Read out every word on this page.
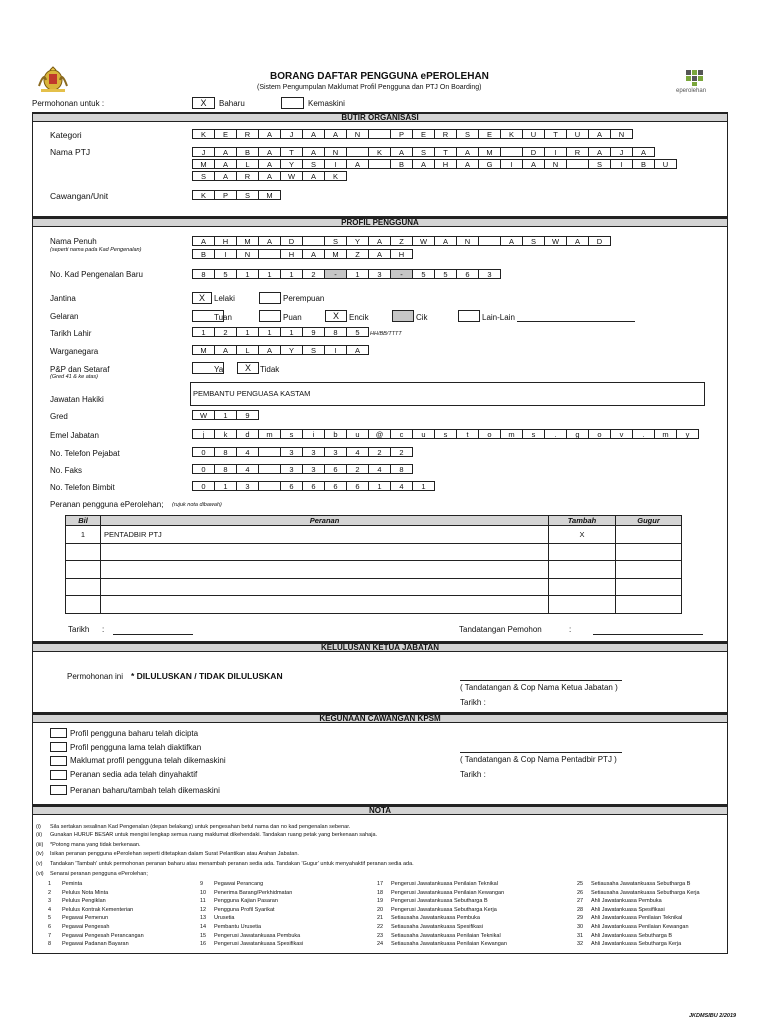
BORANG DAFTAR PENGGUNA ePEROLEHAN
(Sistem Pengumpulan Maklumat Profil Pengguna dan PTJ On Boarding)	eperolehan
Permohonan untuk :	X	Baharu	Kemaskini
BUTIR ORGANISASI
Kategori	K	E	R	A	J	A	A	N	P	E	R	S	E	K	U	T	U	A	N
Nama PTJ	J	A	B	A	T	A	N	K	A	S	T	A	M	D	I	R	A	J	A
M	A	L	A	Y	S	I	A	B	A	H	A	G	I	A	N	S	I	B	U
S	A	R	A	W	A	K
Cawangan/Unit	K	P	S	M
PROFIL PENGGUNA
Nama Penuh
(seperti nama pada Kad Pengenalan)
A	H	M	A	D	S	Y	A	Z	W	A	N	A	S	W	A	D
B	I	N	H	A	M	Z	A	H
No. Kad Pengenalan Baru	8	5	1	1	1	2	-	1	3	-	5	5	6	3
Jantina	X	Lelaki	Perempuan
Gelaran	Tuan	Puan	X	Encik	Cik	Lain-Lain
Tarikh Lahir	1	2	1	1	1	9	8	5	HH/BB/TTTT
Warganegara	M	A	L	A	Y	S	I	A
P&P dan Setaraf
(Gred 41 & ke atas)
Ya	X	Tidak
Jawatan Hakiki
PEMBANTU PENGUASA KASTAM
Gred	W	1	9
Emel Jabatan	j	k	d	m	s	i	b	u	@	c	u	s	t	o	m	s	.	g	o	v	.	m	y
No. Telefon Pejabat	0	8	4	3	3	3	4	2	2
No. Faks	0	8	4	3	3	6	2	4	8
No. Telefon Bimbit	0	1	3	6	6	6	6	1	4	1
Peranan pengguna ePerolehan; (rujuk nota dibawah)
Bil	Peranan	Tambah	Gugur
1	PENTADBIR PTJ	X	

Tarikh :	Tandatangan Pemohon	:
KELULUSAN KETUA JABATAN
Permohonan ini * DILULUSKAN / TIDAK DILULUSKAN
( Tandatangan & Cop Nama Ketua Jabatan )
Tarikh :
KEGUNAAN CAWANGAN KPSM
Profil pengguna baharu telah dicipta
Profil pengguna lama telah diaktifkan
Maklumat profil pengguna telah dikemaskini
Peranan sedia ada telah dinyahaktif
Peranan baharu/tambah telah dikemaskini
( Tandatangan & Cop Nama Pentadbir PTJ )
Tarikh :
NOTA
(i) Sila sertakan sesalinan Kad Pengenalan (depan belakang) untuk pengesahan betul nama dan no kad pengenalan sebenar.
(ii) Gunakan HURUF BESAR untuk mengisi lengkap semua ruang maklumat dikehendaki. Tandakan ruang petak yang berkenaan sahaja.
(iii) *Potong mana yang tidak berkenaan.
(iv) Isikan peranan pengguna ePerolehan seperti ditetapkan dalam Surat Pelantikan atau Arahan Jabatan.
(v) Tandakan 'Tambah' untuk permohonan peranan baharu atau menambah peranan sedia ada. Tandakan 'Gugur' untuk menyahaktif peranan sedia ada.
(vi) Senarai peranan pengguna ePerolehan;
1 Peminta
2 Pelulus Nota Minta
3 Pelulus Pengiklan
4 Pelulus Kontrak Kementerian
5 Pegawai Pemenun
6 Pegawai Pengesah
7 Pegawai Pengesah Perancangan
8 Pegawai Padanan Bayaran
9 Pegawai Perancang
10 Penerima Barang/Perkhidmatan
11 Pengguna Kajian Pasaran
12 Pengguna Profil Syarikat
13 Urusetia
14 Pembantu Urusetia
15 Pengerusi Jawatankuasa Pembuka
16 Pengerusi Jawatankuasa Spesifikasi
17 Pengerusi Jawatankuasa Penilaian Teknikal
18 Pengerusi Jawatankuasa Penilaian Kewangan
19 Pengerusi Jawatankuasa Sebutharga B
20 Pengerusi Jawatankuasa Sebutharga Kerja
21 Setiausaha Jawatankuasa Pembuka
22 Setiausaha Jawatankuasa Spesifikasi
23 Setiausaha Jawatankuasa Penilaian Teknikal
24 Setiausaha Jawatankuasa Penilaian Kewangan
25 Setiausaha Jawatankuasa Sebutharga B
26 Setiausaha Jawatankuasa Sebutharga Kerja
27 Ahli Jawatankuasa Pembuka
28 Ahli Jawatankuasa Spesifikasi
29 Ahli Jawatankuasa Penilaian Teknikal
30 Ahli Jawatankuasa Penilaian Kewangan
31 Ahli Jawatankuasa Sebutharga B
32 Ahli Jawatankuasa Sebutharga Kerja
JKDMSIBU 2/2019
